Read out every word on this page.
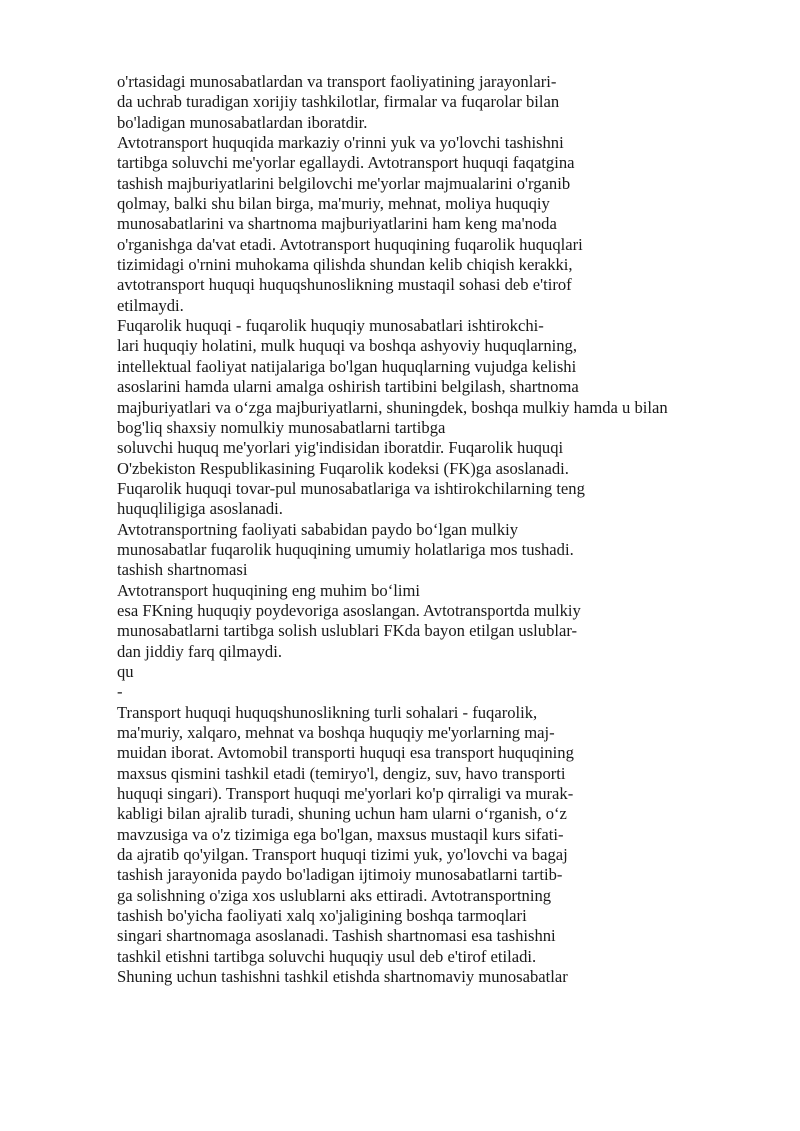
o'rtasidagi munosabatlardan va transport faoliyatining jarayonlari-
da uchrab turadigan xorijiy tashkilotlar, firmalar va fuqarolar bilan
bo'ladigan munosabatlardan iboratdir.
Avtotransport huquqida markaziy o'rinni yuk va yo'lovchi tashishni
tartibga soluvchi me'yorlar egallaydi. Avtotransport huquqi faqatgina
tashish majburiyatlarini belgilovchi me'yorlar majmualarini o'rganib
qolmay, balki shu bilan birga, ma'muriy, mehnat, moliya huquqiy
munosabatlarini va shartnoma majburiyatlarini ham keng ma'noda
o'rganishga da'vat etadi. Avtotransport huquqining fuqarolik huquqlari
tizimidagi o'rnini muhokama qilishda shundan kelib chiqish kerakki,
avtotransport huquqi huquqshunoslikning mustaqil sohasi deb e'tirof
etilmaydi.
Fuqarolik huquqi - fuqarolik huquqiy munosabatlari ishtirokchi-
lari huquqiy holatini, mulk huquqi va boshqa ashyoviy huquqlarning,
intellektual faoliyat natijalariga bo'lgan huquqlarning vujudga kelishi
asoslarini hamda ularni amalga oshirish tartibini belgilash, shartnoma
majburiyatlari va o‘zga majburiyatlarni, shuningdek, boshqa mulkiy hamda u bilan
bog'liq shaxsiy nomulkiy munosabatlarni tartibga
soluvchi huquq me'yorlari yig'indisidan iboratdir. Fuqarolik huquqi
O'zbekiston Respublikasining Fuqarolik kodeksi (FK)ga asoslanadi.
Fuqarolik huquqi tovar-pul munosabatlariga va ishtirokchilarning teng
huquqliligiga asoslanadi.
Avtotransportning faoliyati sababidan paydo bo‘lgan mulkiy
munosabatlar fuqarolik huquqining umumiy holatlariga mos tushadi.
tashish shartnomasi
Avtotransport huquqining eng muhim bo‘limi
esa FKning huquqiy poydevoriga asoslangan. Avtotransportda mulkiy
munosabatlarni tartibga solish uslublari FKda bayon etilgan uslublar-
dan jiddiy farq qilmaydi.
qu
-
Transport huquqi huquqshunoslikning turli sohalari - fuqarolik,
ma'muriy, xalqaro, mehnat va boshqa huquqiy me'yorlarning maj-
muidan iborat. Avtomobil transporti huquqi esa transport huquqining
maxsus qismini tashkil etadi (temiryo'l, dengiz, suv, havo transporti
huquqi singari). Transport huquqi me'yorlari ko'p qirraligi va murak-
kabligi bilan ajralib turadi, shuning uchun ham ularni o‘rganish, o‘z
mavzusiga va o'z tizimiga ega bo'lgan, maxsus mustaqil kurs sifati-
da ajratib qo'yilgan. Transport huquqi tizimi yuk, yo'lovchi va bagaj
tashish jarayonida paydo bo'ladigan ijtimoiy munosabatlarni tartib-
ga solishning o'ziga xos uslublarni aks ettiradi. Avtotransportning
tashish bo'yicha faoliyati xalq xo'jaligining boshqa tarmoqlari
singari shartnomaga asoslanadi. Tashish shartnomasi esa tashishni
tashkil etishni tartibga soluvchi huquqiy usul deb e'tirof etiladi.
Shuning uchun tashishni tashkil etishda shartnomaviy munosabatlar
